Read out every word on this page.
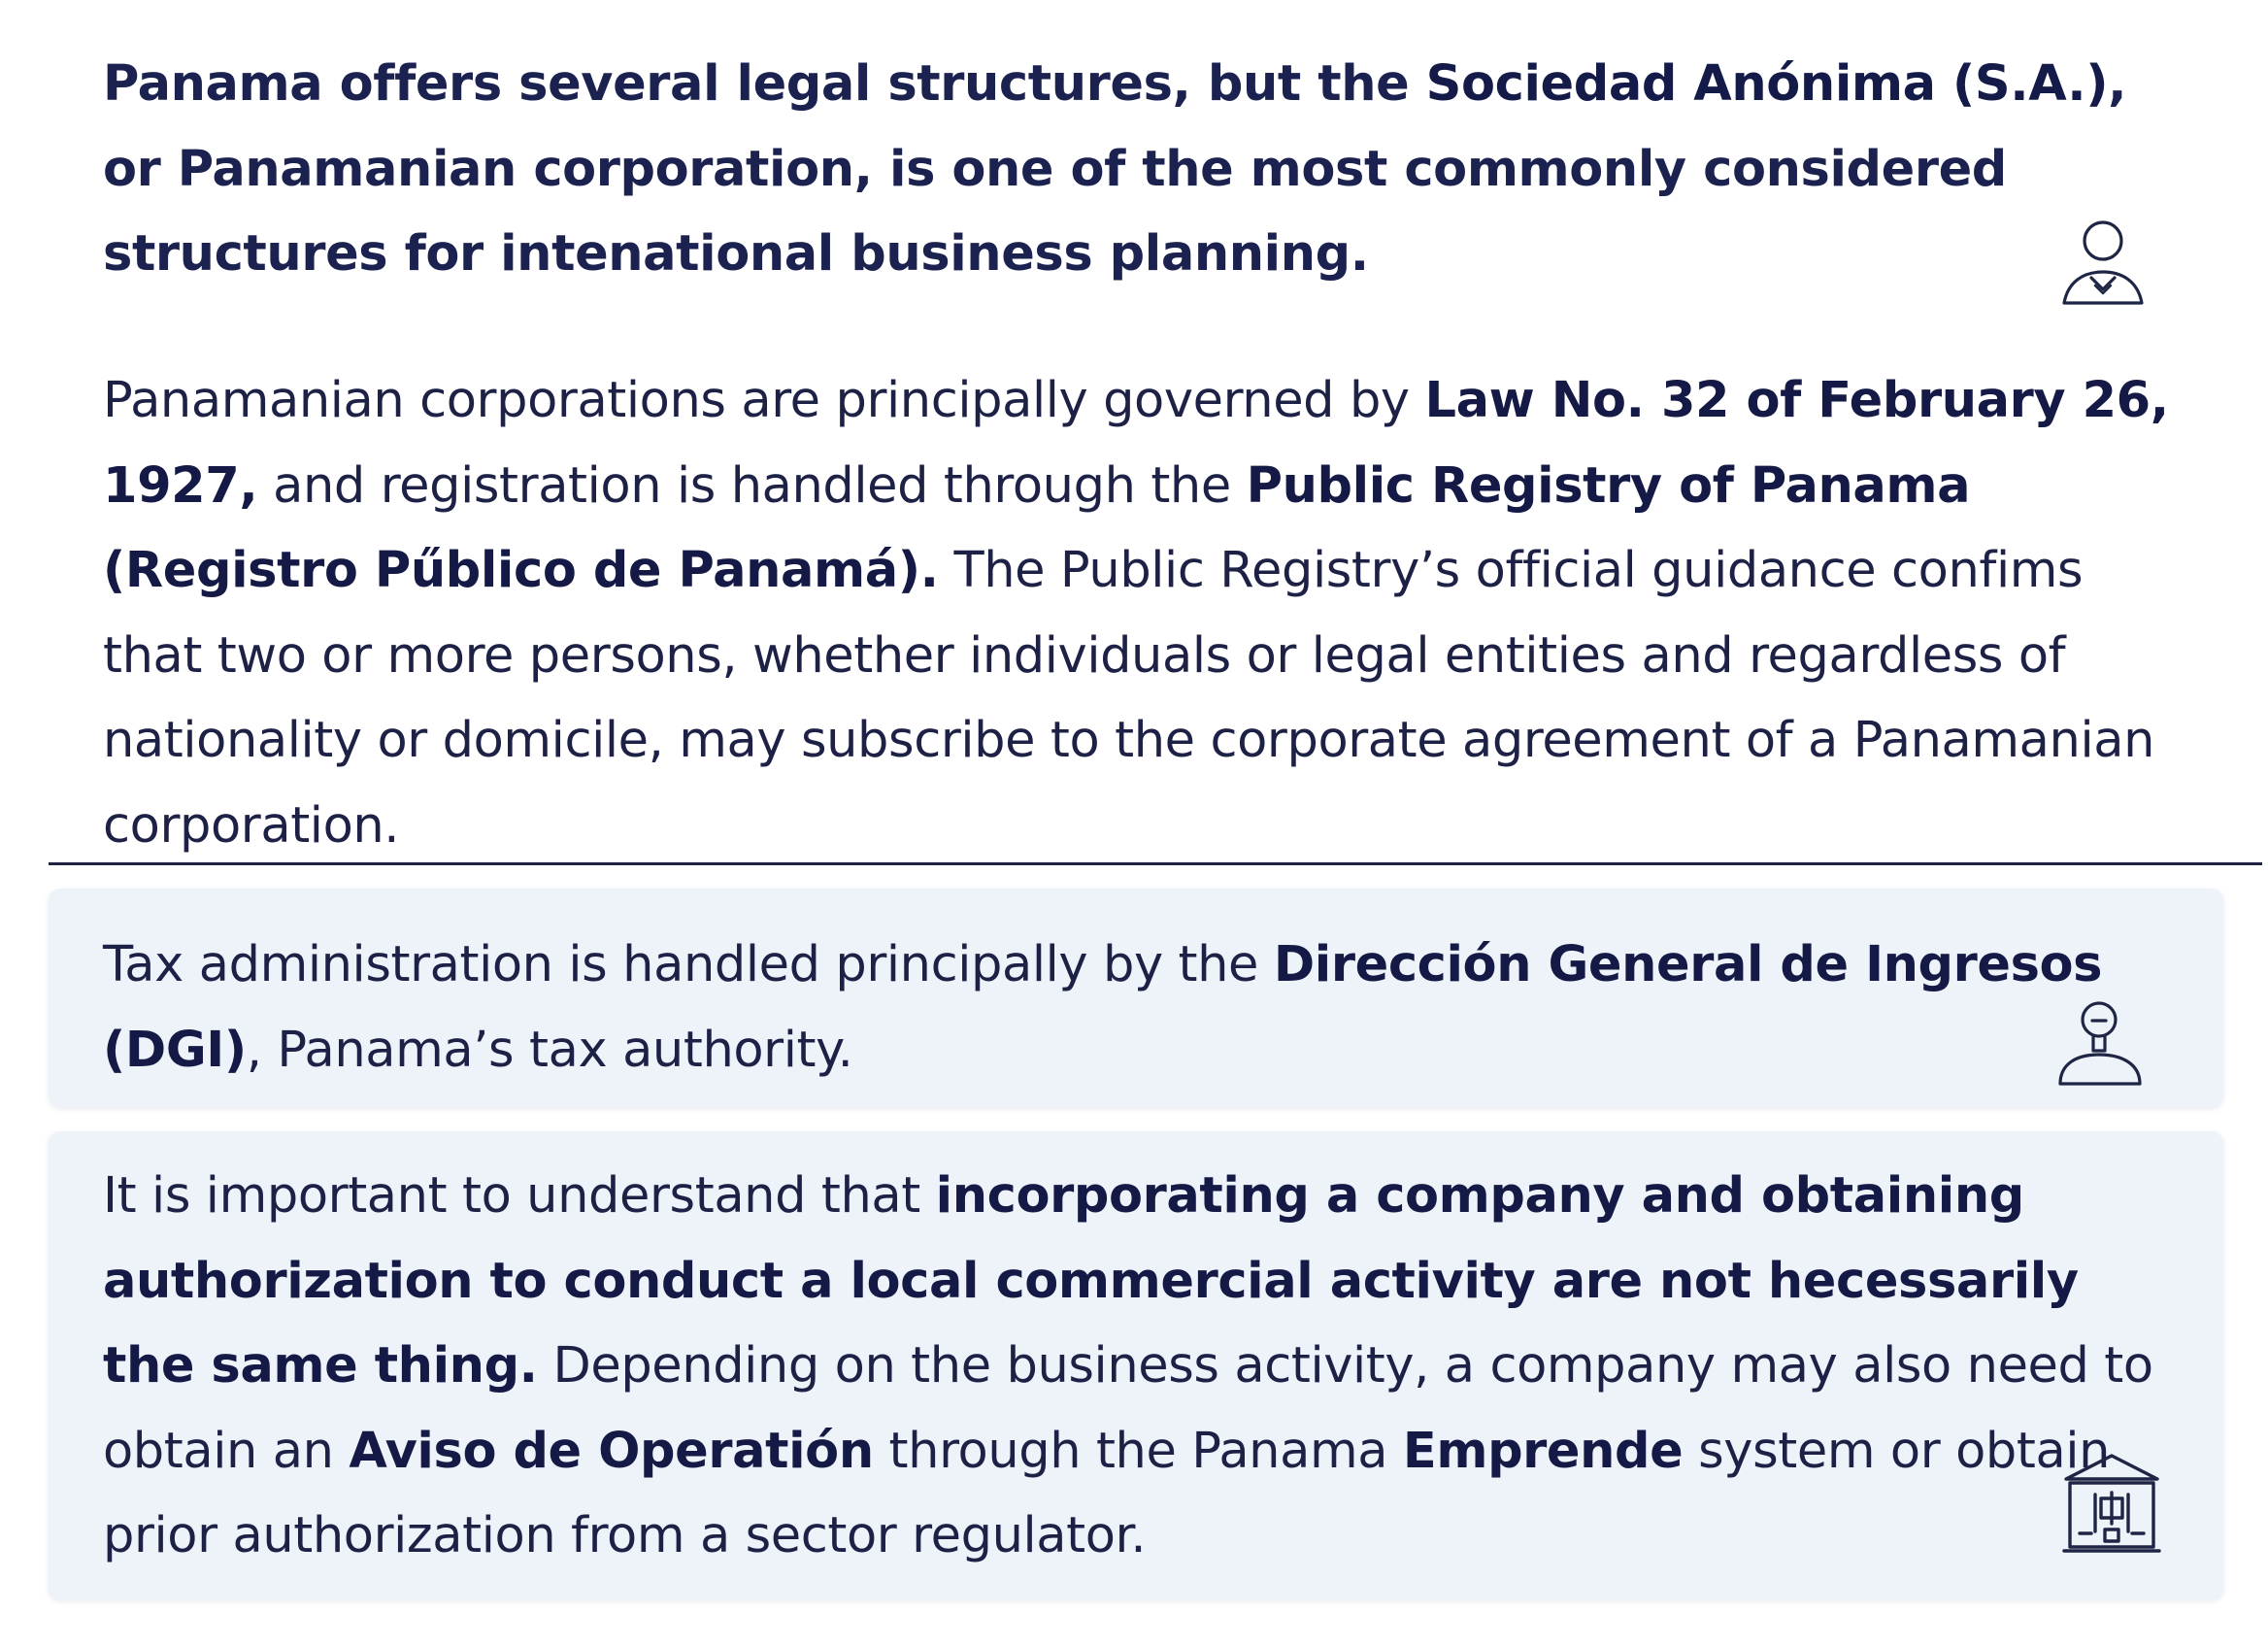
Panama offers several legal structures, but the Sociedad Anónima (S.A.), or Panamanian corporation, is one of the most commonly considered structures for intenational business planning.

Panamanian corporations are principally governed by Law No. 32 of February 26, 1927, and registration is handled through the Public Registry of Panama (Registro Pűblico de Panamá). The Public Registry’s official guidance confims that two or more persons, whether individuals or legal entities and regardless of nationality or domicile, may subscribe to the corporate agreement of a Panamanian corporation.

Tax administration is handled principally by the Dirección General de Ingresos (DGI), Panama’s tax authority.

It is important to understand that incorporating a company and obtaining authorization to conduct a local commercial activity are not hecessarily the same thing. Depending on the business activity, a company may also need to obtain an Aviso de Operatión through the Panama Emprende system or obtain prior authorization from a sector regulator.
